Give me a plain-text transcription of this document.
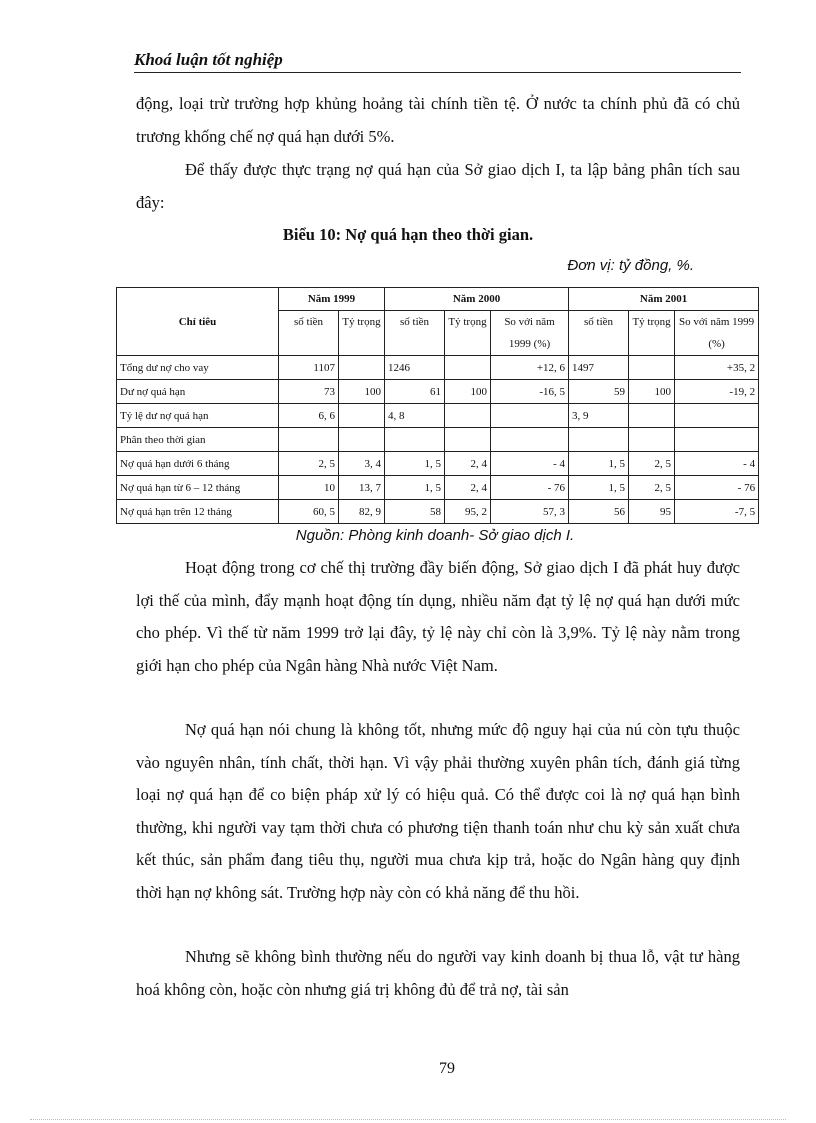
Khoá luận tốt nghiệp

động, loại trừ trường hợp khủng hoảng tài chính tiền tệ. Ở nước ta chính phủ đã có chủ trương khống chế nợ quá hạn dưới 5%.

Để thấy được thực trạng nợ quá hạn của Sở giao dịch I, ta lập bảng phân tích sau đây:

Biểu 10: Nợ quá hạn theo thời gian.
Đơn vị: tỷ đồng, %.
Chỉ tiêu	Năm 1999		Năm 2000			Năm 2001		
	số tiền	Tỷ trọng	số tiền	Tỷ trọng	So với năm 1999 (%)	số tiền	Tỷ trọng	So với năm 1999 (%)
Tổng dư nợ cho vay	1107		1246		+12, 6	1497		+35, 2
Dư nợ quá hạn	73	100	61	100	-16, 5	59	100	-19, 2
Tỷ lệ dư nợ quá hạn	6, 6		4, 8			3, 9		
Phân theo thời gian								
Nợ quá hạn dưới 6 tháng	2, 5	3, 4	1, 5	2, 4	- 4	1, 5	2, 5	- 4
Nợ quá hạn từ 6 – 12 tháng	10	13, 7	1, 5	2, 4	- 76	1, 5	2, 5	- 76
Nợ quá hạn trên 12 tháng	60, 5	82, 9	58	95, 2	57, 3	56	95	-7, 5
Nguồn: Phòng kinh doanh- Sở giao dịch I.

Hoạt động trong cơ chế thị trường đầy biến động, Sở giao dịch I đã phát huy được lợi thế của mình, đẩy mạnh hoạt động tín dụng, nhiều năm đạt tỷ lệ nợ quá hạn dưới mức cho phép. Vì thế từ năm 1999 trở lại đây, tỷ lệ này chỉ còn là 3,9%. Tỷ lệ này nằm trong giới hạn cho phép của Ngân hàng Nhà nước Việt Nam.

Nợ quá hạn nói chung là không tốt, nhưng mức độ nguy hại của nú còn tựu thuộc vào nguyên nhân, tính chất, thời hạn. Vì vậy phải thường xuyên phân tích, đánh giá từng loại nợ quá hạn để co biện pháp xử lý có hiệu quả. Có thể được coi là nợ quá hạn bình thường, khi người vay tạm thời chưa có phương tiện thanh toán như chu kỳ sản xuất chưa kết thúc, sản phẩm đang tiêu thụ, người mua chưa kịp trả, hoặc do Ngân hàng quy định thời hạn nợ không sát. Trường hợp này còn có khả năng để thu hồi.

Nhưng sẽ không bình thường nếu do người vay kinh doanh bị thua lỗ, vật tư hàng hoá không còn, hoặc còn nhưng giá trị không đủ để trả nợ, tài sản

79
